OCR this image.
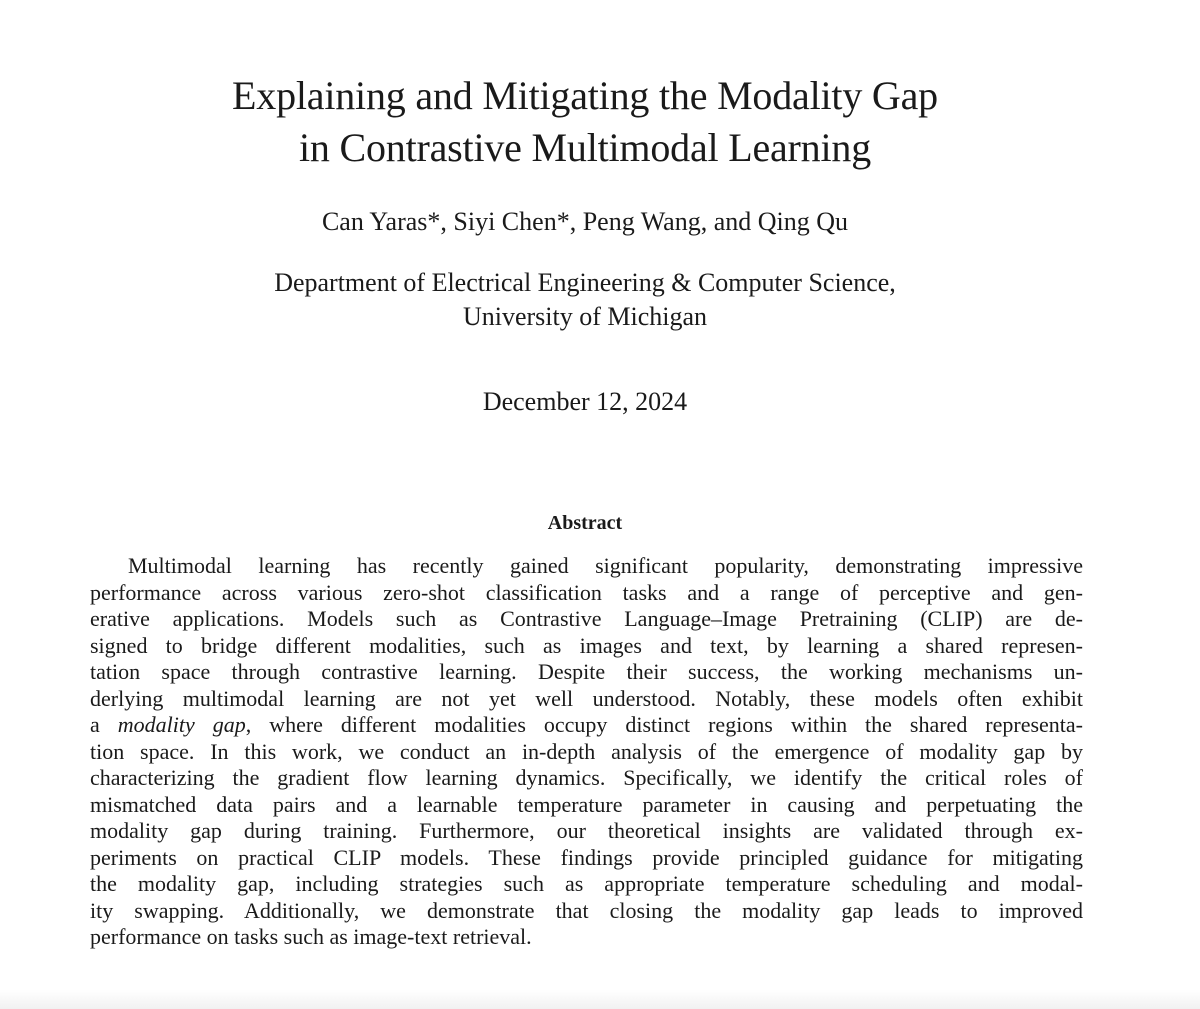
Explaining and Mitigating the Modality Gap
in Contrastive Multimodal Learning

Can Yaras*, Siyi Chen*, Peng Wang, and Qing Qu

Department of Electrical Engineering & Computer Science,
University of Michigan

December 12, 2024

Abstract

Multimodal learning has recently gained significant popularity, demonstrating impressive
performance across various zero-shot classification tasks and a range of perceptive and gen-
erative applications. Models such as Contrastive Language–Image Pretraining (CLIP) are de-
signed to bridge different modalities, such as images and text, by learning a shared represen-
tation space through contrastive learning. Despite their success, the working mechanisms un-
derlying multimodal learning are not yet well understood. Notably, these models often exhibit
a modality gap, where different modalities occupy distinct regions within the shared representa-
tion space. In this work, we conduct an in-depth analysis of the emergence of modality gap by
characterizing the gradient flow learning dynamics. Specifically, we identify the critical roles of
mismatched data pairs and a learnable temperature parameter in causing and perpetuating the
modality gap during training. Furthermore, our theoretical insights are validated through ex-
periments on practical CLIP models. These findings provide principled guidance for mitigating
the modality gap, including strategies such as appropriate temperature scheduling and modal-
ity swapping. Additionally, we demonstrate that closing the modality gap leads to improved
performance on tasks such as image-text retrieval.
